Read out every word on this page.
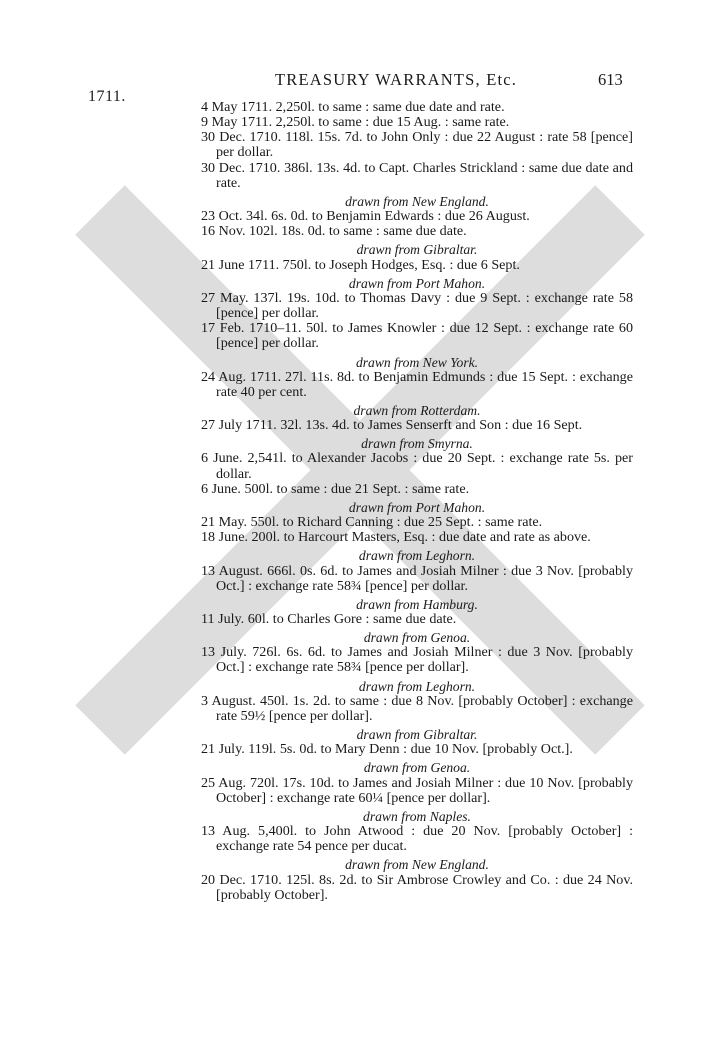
1711.
TREASURY WARRANTS, Etc.	613

4 May 1711. 2,250l. to same : same due date and rate.

9 May 1711. 2,250l. to same : due 15 Aug. : same rate.

30 Dec. 1710. 118l. 15s. 7d. to John Only : due 22 August : rate 58 [pence] per dollar.

30 Dec. 1710. 386l. 13s. 4d. to Capt. Charles Strickland : same due date and rate.

drawn from New England.

23 Oct. 34l. 6s. 0d. to Benjamin Edwards : due 26 August.

16 Nov. 102l. 18s. 0d. to same : same due date.

drawn from Gibraltar.

21 June 1711. 750l. to Joseph Hodges, Esq. : due 6 Sept.

drawn from Port Mahon.

27 May. 137l. 19s. 10d. to Thomas Davy : due 9 Sept. : exchange rate 58 [pence] per dollar.

17 Feb. 1710–11. 50l. to James Knowler : due 12 Sept. : exchange rate 60 [pence] per dollar.

drawn from New York.

24 Aug. 1711. 27l. 11s. 8d. to Benjamin Edmunds : due 15 Sept. : exchange rate 40 per cent.

drawn from Rotterdam.

27 July 1711. 32l. 13s. 4d. to James Senserft and Son : due 16 Sept.

drawn from Smyrna.

6 June. 2,541l. to Alexander Jacobs : due 20 Sept. : exchange rate 5s. per dollar.

6 June. 500l. to same : due 21 Sept. : same rate.

drawn from Port Mahon.

21 May. 550l. to Richard Canning : due 25 Sept. : same rate.

18 June. 200l. to Harcourt Masters, Esq. : due date and rate as above.

drawn from Leghorn.

13 August. 666l. 0s. 6d. to James and Josiah Milner : due 3 Nov. [probably Oct.] : exchange rate 58¾ [pence] per dollar.

drawn from Hamburg.

11 July. 60l. to Charles Gore : same due date.

drawn from Genoa.

13 July. 726l. 6s. 6d. to James and Josiah Milner : due 3 Nov. [probably Oct.] : exchange rate 58¾ [pence per dollar].

drawn from Leghorn.

3 August. 450l. 1s. 2d. to same : due 8 Nov. [probably October] : exchange rate 59½ [pence per dollar].

drawn from Gibraltar.

21 July. 119l. 5s. 0d. to Mary Denn : due 10 Nov. [probably Oct.].

drawn from Genoa.

25 Aug. 720l. 17s. 10d. to James and Josiah Milner : due 10 Nov. [probably October] : exchange rate 60¼ [pence per dollar].

drawn from Naples.

13 Aug. 5,400l. to John Atwood : due 20 Nov. [probably October] : exchange rate 54 pence per ducat.

drawn from New England.

20 Dec. 1710. 125l. 8s. 2d. to Sir Ambrose Crowley and Co. : due 24 Nov. [probably October].
